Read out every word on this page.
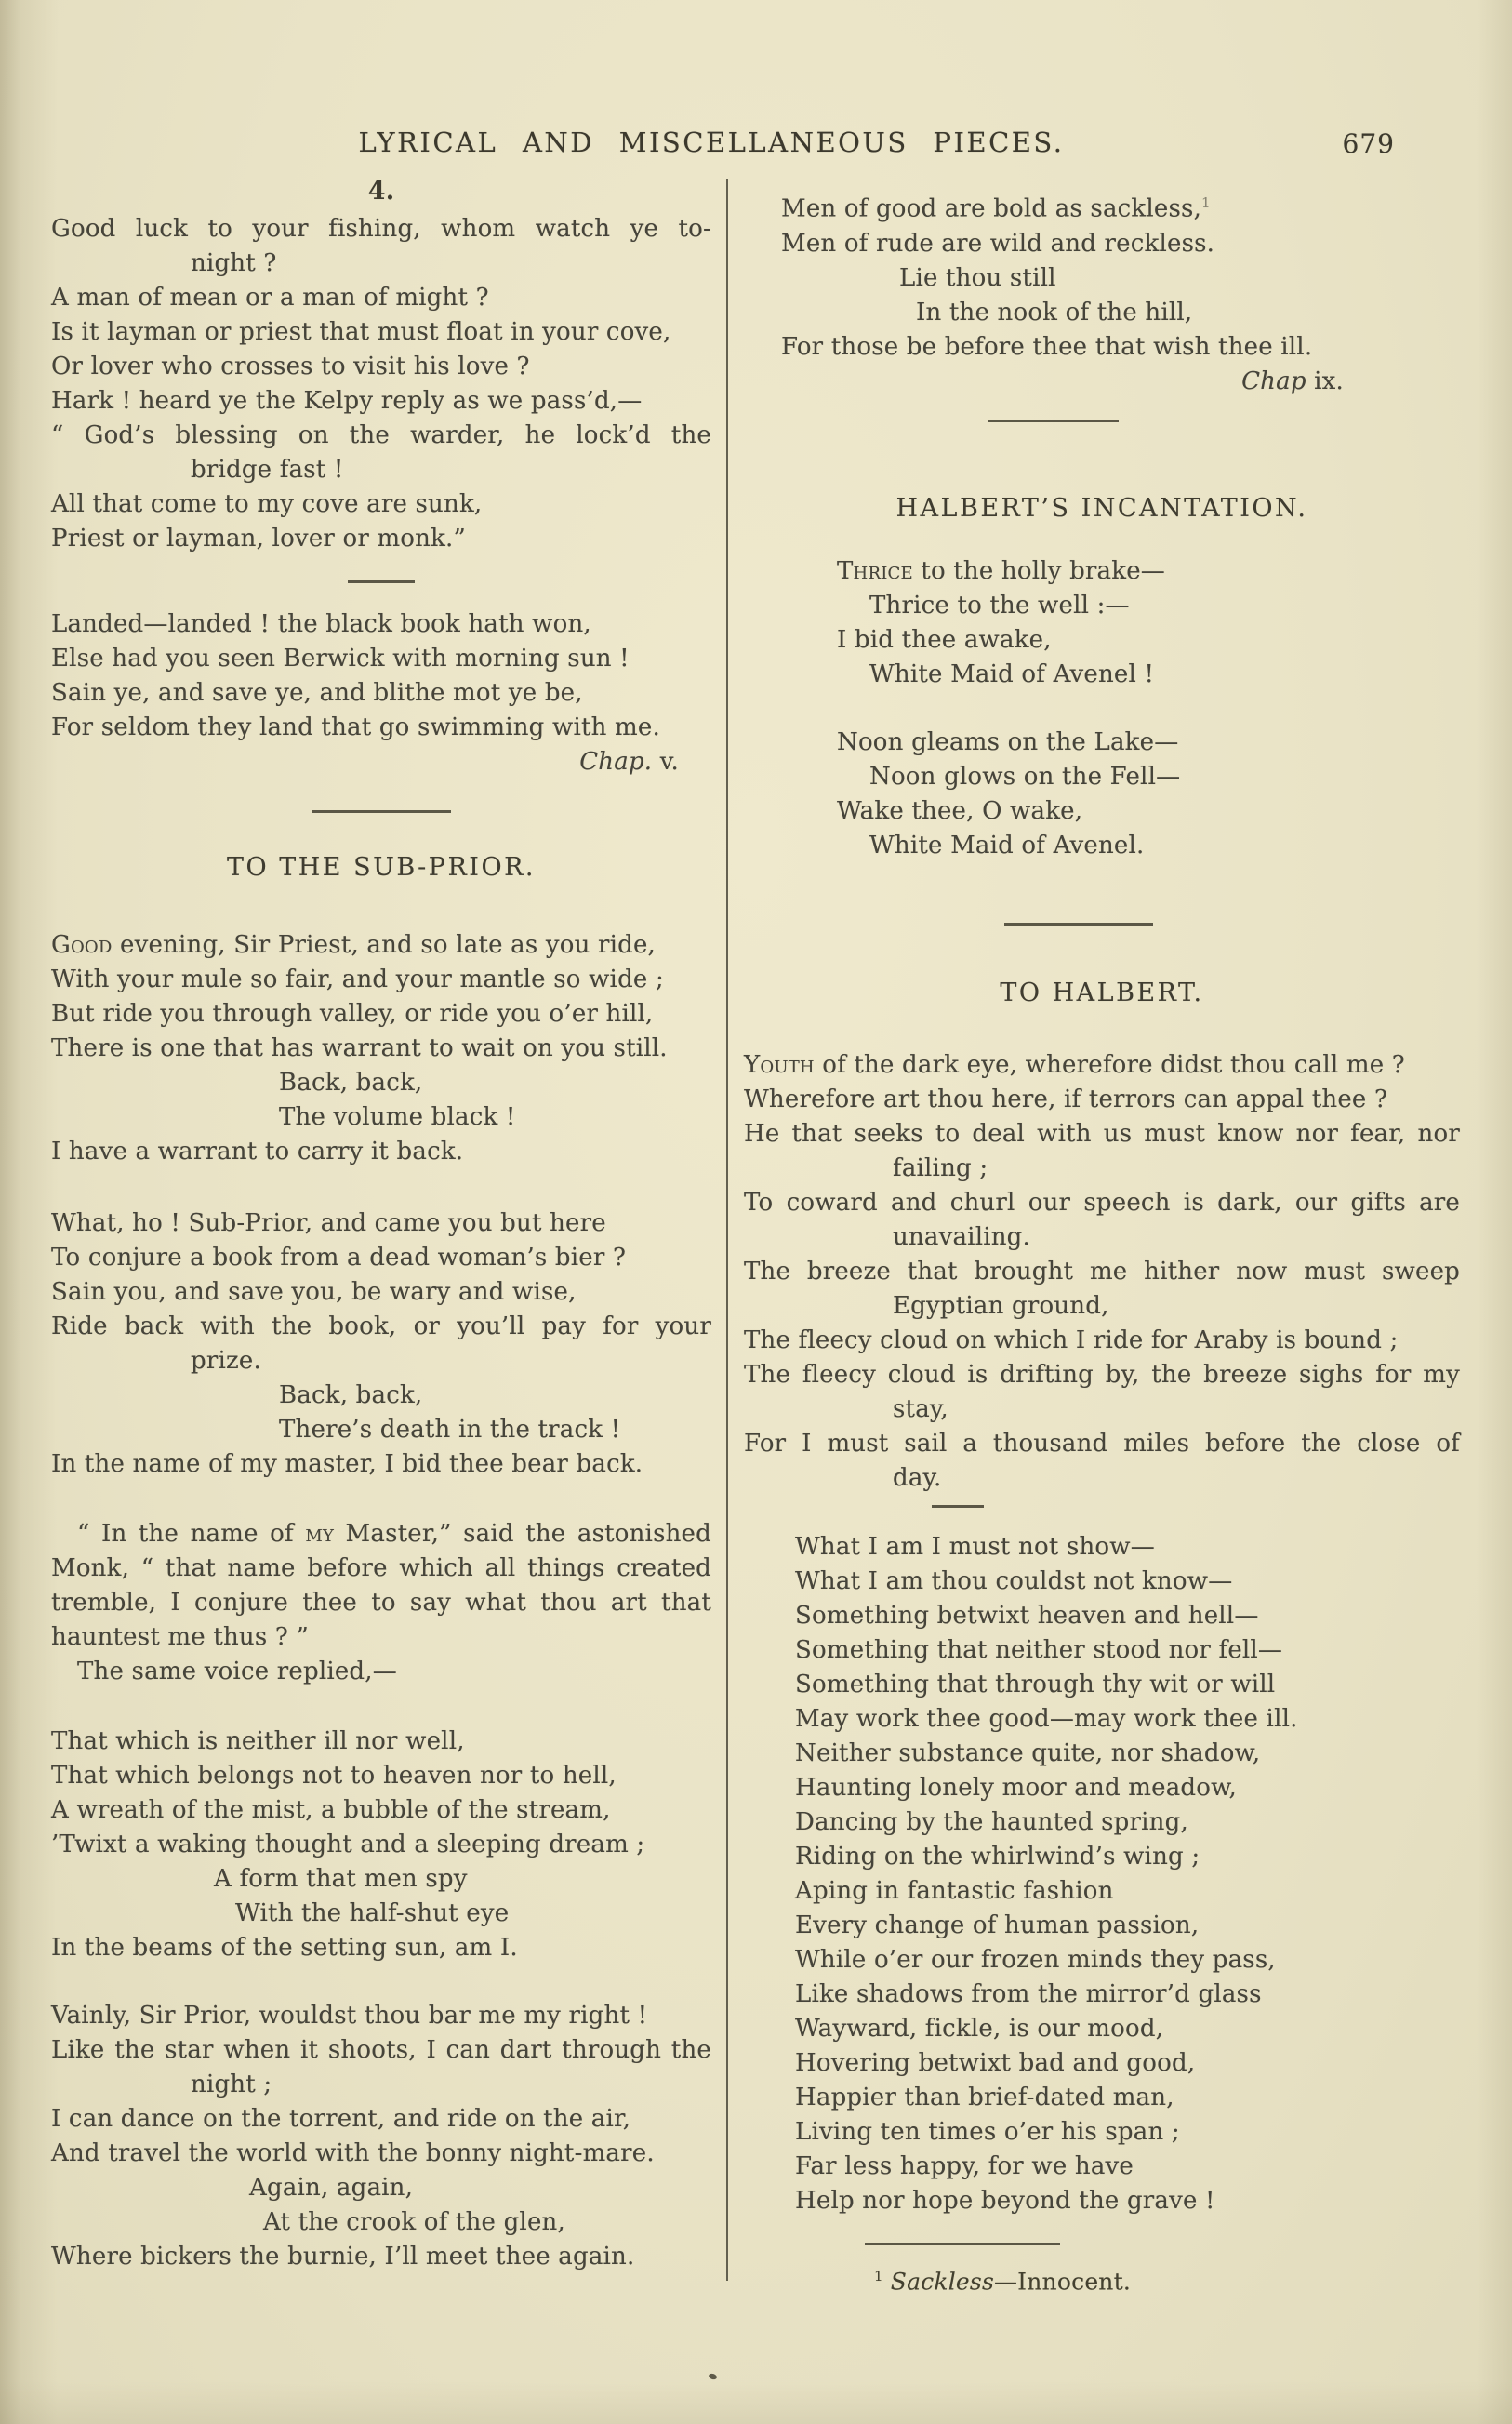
LYRICAL AND MISCELLANEOUS PIECES.	679
4.
Good luck to your fishing, whom watch ye to-
night ?
A man of mean or a man of might ?
Is it layman or priest that must float in your cove,
Or lover who crosses to visit his love ?
Hark ! heard ye the Kelpy reply as we pass’d,—
“ God’s blessing on the warder, he lock’d the
bridge fast !
All that come to my cove are sunk,
Priest or layman, lover or monk.”
Landed—landed ! the black book hath won,
Else had you seen Berwick with morning sun !
Sain ye, and save ye, and blithe mot ye be,
For seldom they land that go swimming with me.
Chap. v.
TO THE SUB-PRIOR.
Good evening, Sir Priest, and so late as you ride,
With your mule so fair, and your mantle so wide ;
But ride you through valley, or ride you o’er hill,
There is one that has warrant to wait on you still.
Back, back,
The volume black !
I have a warrant to carry it back.
What, ho ! Sub-Prior, and came you but here
To conjure a book from a dead woman’s bier ?
Sain you, and save you, be wary and wise,
Ride back with the book, or you’ll pay for your
prize.
Back, back,
There’s death in the track !
In the name of my master, I bid thee bear back.
“ In the name of my Master,” said the astonished
Monk, “ that name before which all things created
tremble, I conjure thee to say what thou art that
hauntest me thus ? ”
The same voice replied,—
That which is neither ill nor well,
That which belongs not to heaven nor to hell,
A wreath of the mist, a bubble of the stream,
’Twixt a waking thought and a sleeping dream ;
A form that men spy
With the half-shut eye
In the beams of the setting sun, am I.
Vainly, Sir Prior, wouldst thou bar me my right !
Like the star when it shoots, I can dart through the
night ;
I can dance on the torrent, and ride on the air,
And travel the world with the bonny night-mare.
Again, again,
At the crook of the glen,
Where bickers the burnie, I’ll meet thee again.
Men of good are bold as sackless,$^1$
Men of rude are wild and reckless.
Lie thou still
In the nook of the hill,
For those be before thee that wish thee ill.
Chap ix.
HALBERT’S INCANTATION.
Thrice to the holly brake—
Thrice to the well :—
I bid thee awake,
White Maid of Avenel !
Noon gleams on the Lake—
Noon glows on the Fell—
Wake thee, O wake,
White Maid of Avenel.
TO HALBERT.
Youth of the dark eye, wherefore didst thou call me ?
Wherefore art thou here, if terrors can appal thee ?
He that seeks to deal with us must know nor fear, nor
failing ;
To coward and churl our speech is dark, our gifts are
unavailing.
The breeze that brought me hither now must sweep
Egyptian ground,
The fleecy cloud on which I ride for Araby is bound ;
The fleecy cloud is drifting by, the breeze sighs for my
stay,
For I must sail a thousand miles before the close of
day.
What I am I must not show—
What I am thou couldst not know—
Something betwixt heaven and hell—
Something that neither stood nor fell—
Something that through thy wit or will
May work thee good—may work thee ill.
Neither substance quite, nor shadow,
Haunting lonely moor and meadow,
Dancing by the haunted spring,
Riding on the whirlwind’s wing ;
Aping in fantastic fashion
Every change of human passion,
While o’er our frozen minds they pass,
Like shadows from the mirror’d glass
Wayward, fickle, is our mood,
Hovering betwixt bad and good,
Happier than brief-dated man,
Living ten times o’er his span ;
Far less happy, for we have
Help nor hope beyond the grave !
$^1$ Sackless—Innocent.
